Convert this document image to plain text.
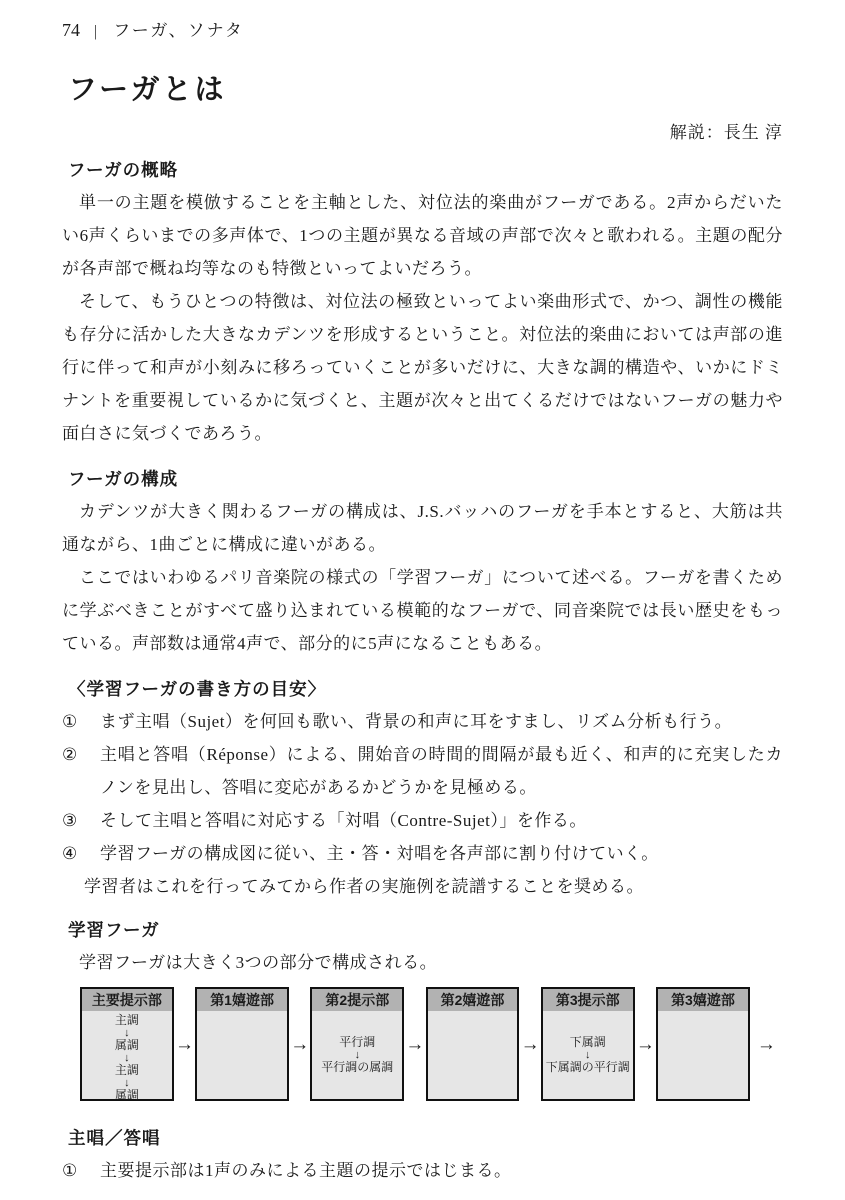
74 | フーガ、ソナタ
フーガとは
解説：長生 淳
フーガの概略

単一の主題を模倣することを主軸とした、対位法的楽曲がフーガである。2声からだいたい6声くらいまでの多声体で、1つの主題が異なる音域の声部で次々と歌われる。主題の配分が各声部で概ね均等なのも特徴といってよいだろう。

そして、もうひとつの特徴は、対位法の極致といってよい楽曲形式で、かつ、調性の機能も存分に活かした大きなカデンツを形成するということ。対位法的楽曲においては声部の進行に伴って和声が小刻みに移ろっていくことが多いだけに、大きな調的構造や、いかにドミナントを重要視しているかに気づくと、主題が次々と出てくるだけではないフーガの魅力や面白さに気づくであろう。

フーガの構成

カデンツが大きく関わるフーガの構成は、J.S.バッハのフーガを手本とすると、大筋は共通ながら、1曲ごとに構成に違いがある。

ここではいわゆるパリ音楽院の様式の「学習フーガ」について述べる。フーガを書くために学ぶべきことがすべて盛り込まれている模範的なフーガで、同音楽院では長い歴史をもっている。声部数は通常4声で、部分的に5声になることもある。

〈学習フーガの書き方の目安〉
①	まず主唱（Sujet）を何回も歌い、背景の和声に耳をすまし、リズム分析も行う。
②	主唱と答唱（Réponse）による、開始音の時間的間隔が最も近く、和声的に充実したカノンを見出し、答唱に変応があるかどうかを見極める。
③	そして主唱と答唱に対応する「対唱（Contre-Sujet）」を作る。
④	学習フーガの構成図に従い、主・答・対唱を各声部に割り付けていく。

学習者はこれを行ってみてから作者の実施例を読譜することを奨める。

学習フーガ

学習フーガは大きく3つの部分で構成される。

主要提示部
主調
↓
属調
↓
主調
↓
属調
→
第1嬉遊部
→
第2提示部
平行調
↓
平行調の属調
→
第2嬉遊部
→
第3提示部
下属調
↓
下属調の平行調
→
第3嬉遊部
→
主唱／答唱
①	主要提示部は1声のみによる主題の提示ではじまる。
